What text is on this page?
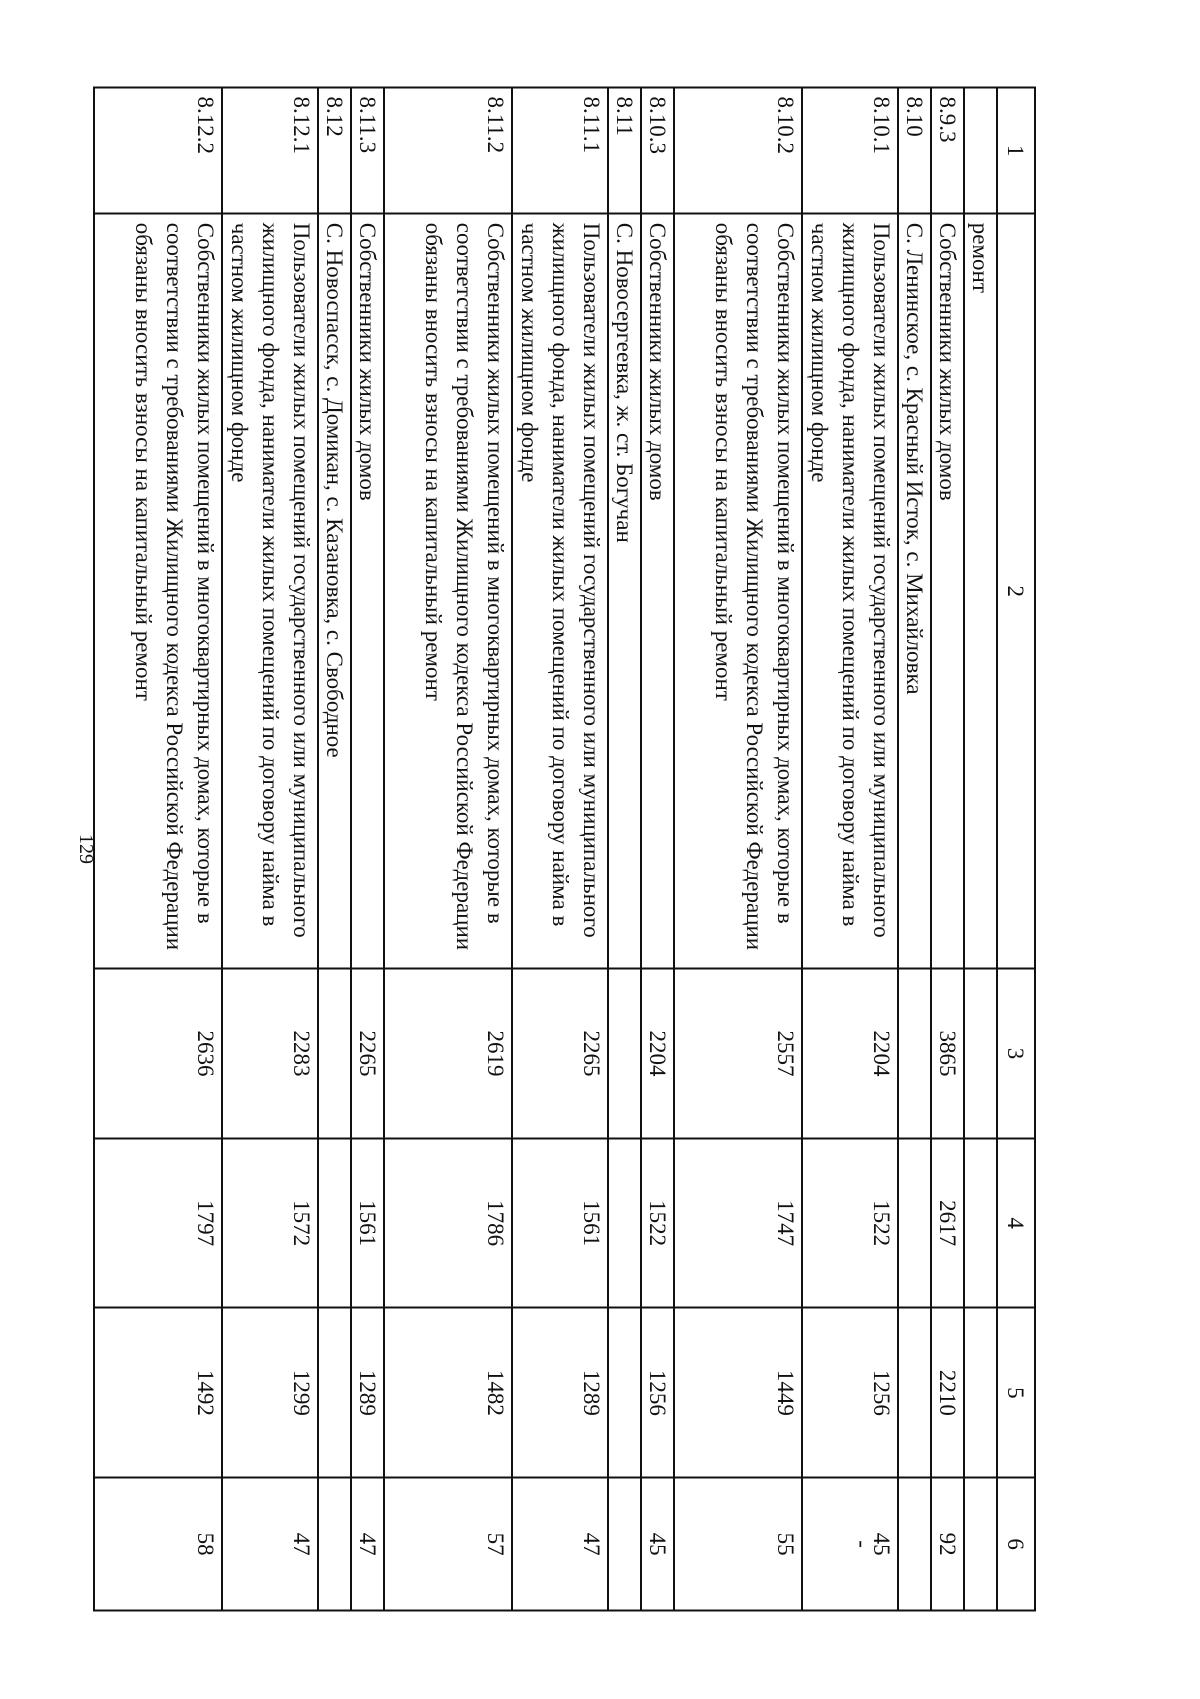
129
1	2	3	4	5	6
	ремонт				
8.9.3	Собственники жилых домов	3865	2617	2210	92
8.10	С. Ленинское, с. Красный Исток, с. Михайловка				
8.10.1	Пользователи жилых помещений государственного или муниципального жилищного фонда, наниматели жилых помещений по договору найма в частном жилищном фонде	2204	1522	1256	45
-

8.10.2	Собственники жилых помещений в многоквартирных домах, которые в соответствии с требованиями Жилищного кодекса Российской Федерации обязаны вносить взносы на капитальный ремонт	2557	1747	1449	55
8.10.3	Собственники жилых домов	2204	1522	1256	45
8.11	С. Новосергеевка, ж. ст. Богучан				
8.11.1	Пользователи жилых помещений государственного или муниципального жилищного фонда, наниматели жилых помещений по договору найма в частном жилищном фонде	2265	1561	1289	47
8.11.2	Собственники жилых помещений в многоквартирных домах, которые в соответствии с требованиями Жилищного кодекса Российской Федерации обязаны вносить взносы на капитальный ремонт	2619	1786	1482	57
8.11.3	Собственники жилых домов	2265	1561	1289	47
8.12	С. Новоспасск, с. Домикан, с. Казановка, с. Свободное				
8.12.1	Пользователи жилых помещений государственного или муниципального жилищного фонда, наниматели жилых помещений по договору найма в частном жилищном фонде	2283	1572	1299	47
8.12.2	Собственники жилых помещений в многоквартирных домах, которые в соответствии с требованиями Жилищного кодекса Российской Федерации обязаны вносить взносы на капитальный ремонт	2636	1797	1492	58
